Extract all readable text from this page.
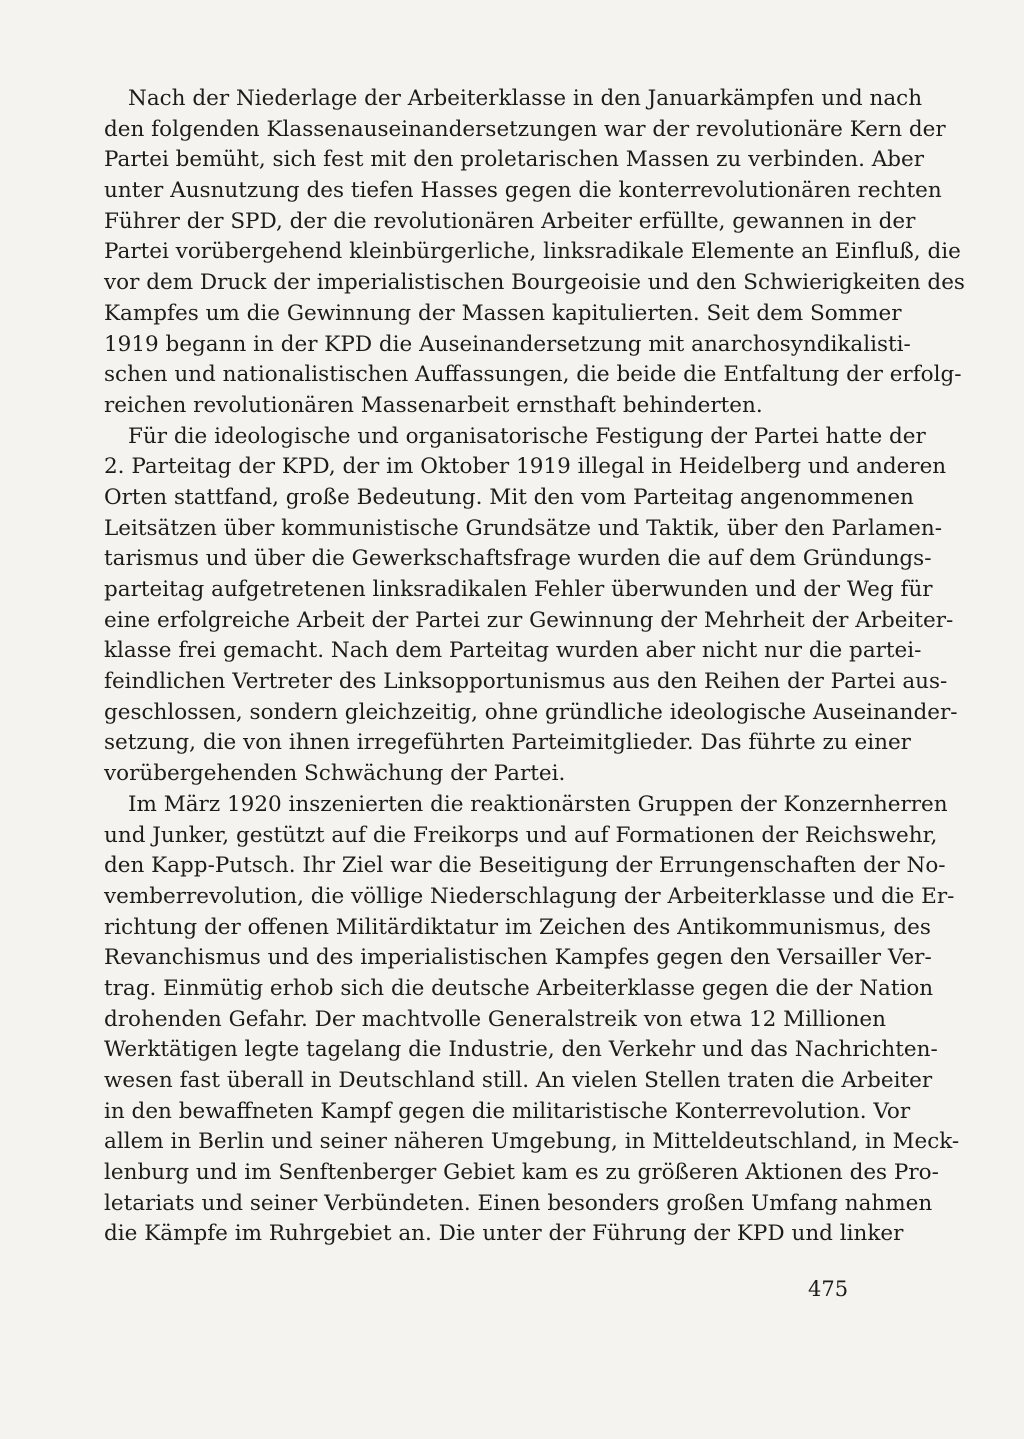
Nach der Niederlage der Arbeiterklasse in den Januarkämpfen und nach
den folgenden Klassenauseinandersetzungen war der revolutionäre Kern der
Partei bemüht, sich fest mit den proletarischen Massen zu verbinden. Aber
unter Ausnutzung des tiefen Hasses gegen die konterrevolutionären rechten
Führer der SPD, der die revolutionären Arbeiter erfüllte, gewannen in der
Partei vorübergehend kleinbürgerliche, linksradikale Elemente an Einfluß, die
vor dem Druck der imperialistischen Bourgeoisie und den Schwierigkeiten des
Kampfes um die Gewinnung der Massen kapitulierten. Seit dem Sommer
1919 begann in der KPD die Auseinandersetzung mit anarchosyndikalisti-
schen und nationalistischen Auffassungen, die beide die Entfaltung der erfolg-
reichen revolutionären Massenarbeit ernsthaft behinderten.
Für die ideologische und organisatorische Festigung der Partei hatte der
2. Parteitag der KPD, der im Oktober 1919 illegal in Heidelberg und anderen
Orten stattfand, große Bedeutung. Mit den vom Parteitag angenommenen
Leitsätzen über kommunistische Grundsätze und Taktik, über den Parlamen-
tarismus und über die Gewerkschaftsfrage wurden die auf dem Gründungs-
parteitag aufgetretenen linksradikalen Fehler überwunden und der Weg für
eine erfolgreiche Arbeit der Partei zur Gewinnung der Mehrheit der Arbeiter-
klasse frei gemacht. Nach dem Parteitag wurden aber nicht nur die partei-
feindlichen Vertreter des Linksopportunismus aus den Reihen der Partei aus-
geschlossen, sondern gleichzeitig, ohne gründliche ideologische Auseinander-
setzung, die von ihnen irregeführten Parteimitglieder. Das führte zu einer
vorübergehenden Schwächung der Partei.
Im März 1920 inszenierten die reaktionärsten Gruppen der Konzernherren
und Junker, gestützt auf die Freikorps und auf Formationen der Reichswehr,
den Kapp-Putsch. Ihr Ziel war die Beseitigung der Errungenschaften der No-
vemberrevolution, die völlige Niederschlagung der Arbeiterklasse und die Er-
richtung der offenen Militärdiktatur im Zeichen des Antikommunismus, des
Revanchismus und des imperialistischen Kampfes gegen den Versailler Ver-
trag. Einmütig erhob sich die deutsche Arbeiterklasse gegen die der Nation
drohenden Gefahr. Der machtvolle Generalstreik von etwa 12 Millionen
Werktätigen legte tagelang die Industrie, den Verkehr und das Nachrichten-
wesen fast überall in Deutschland still. An vielen Stellen traten die Arbeiter
in den bewaffneten Kampf gegen die militaristische Konterrevolution. Vor
allem in Berlin und seiner näheren Umgebung, in Mitteldeutschland, in Meck-
lenburg und im Senftenberger Gebiet kam es zu größeren Aktionen des Pro-
letariats und seiner Verbündeten. Einen besonders großen Umfang nahmen
die Kämpfe im Ruhrgebiet an. Die unter der Führung der KPD und linker
475
